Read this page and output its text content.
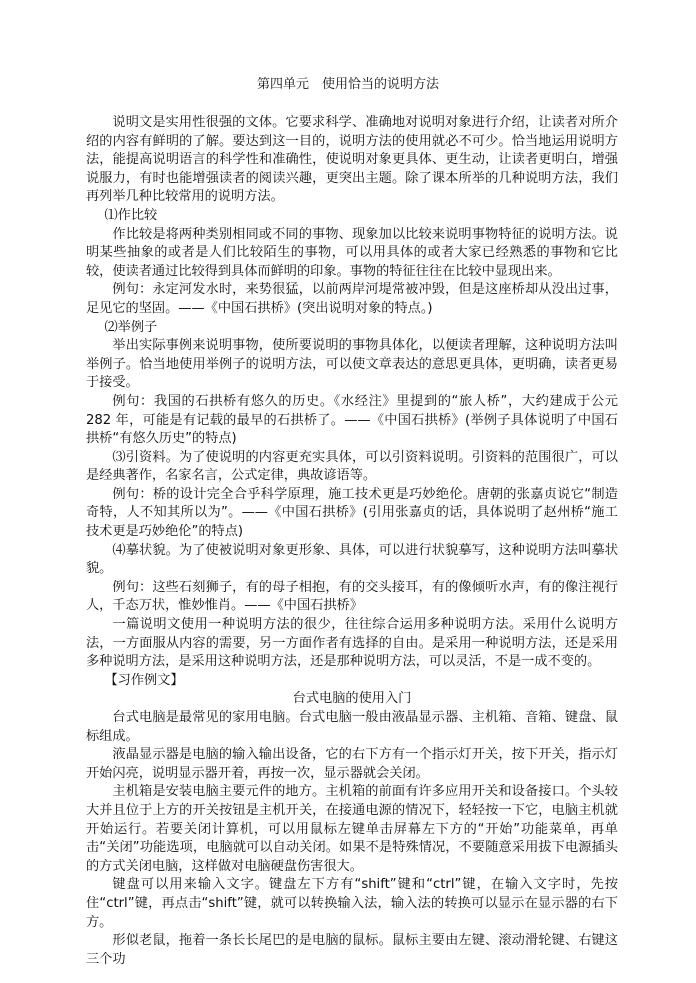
第四单元　使用恰当的说明方法

说明文是实用性很强的文体。它要求科学、准确地对说明对象进行介绍，让读者对所介绍的内容有鲜明的了解。要达到这一目的，说明方法的使用就必不可少。恰当地运用说明方法，能提高说明语言的科学性和准确性，使说明对象更具体、更生动，让读者更明白，增强说服力，有时也能增强读者的阅读兴趣，更突出主题。除了课本所举的几种说明方法，我们再列举几种比较常用的说明方法。

⑴作比较

作比较是将两种类别相同或不同的事物、现象加以比较来说明事物特征的说明方法。说明某些抽象的或者是人们比较陌生的事物，可以用具体的或者大家已经熟悉的事物和它比较，使读者通过比较得到具体而鲜明的印象。事物的特征往往在比较中显现出来。

例句：永定河发水时，来势很猛，以前两岸河堤常被冲毁，但是这座桥却从没出过事，足见它的坚固。——《中国石拱桥》(突出说明对象的特点。)

⑵举例子

举出实际事例来说明事物，使所要说明的事物具体化，以便读者理解，这种说明方法叫举例子。恰当地使用举例子的说明方法，可以使文章表达的意思更具体，更明确，读者更易于接受。

例句：我国的石拱桥有悠久的历史。《水经注》里提到的“旅人桥”，大约建成于公元 282 年，可能是有记载的最早的石拱桥了。——《中国石拱桥》(举例子具体说明了中国石拱桥“有悠久历史”的特点)

⑶引资料。为了使说明的内容更充实具体，可以引资料说明。引资料的范围很广，可以是经典著作，名家名言，公式定律，典故谚语等。

例句：桥的设计完全合乎科学原理，施工技术更是巧妙绝伦。唐朝的张嘉贞说它“制造奇特，人不知其所以为”。——《中国石拱桥》(引用张嘉贞的话，具体说明了赵州桥“施工技术更是巧妙绝伦”的特点)

⑷摹状貌。为了使被说明对象更形象、具体，可以进行状貌摹写，这种说明方法叫摹状貌。

例句：这些石刻狮子，有的母子相抱，有的交头接耳，有的像倾听水声，有的像注视行人，千态万状，惟妙惟肖。——《中国石拱桥》

一篇说明文使用一种说明方法的很少，往往综合运用多种说明方法。采用什么说明方法，一方面服从内容的需要，另一方面作者有选择的自由。是采用一种说明方法，还是采用多种说明方法，是采用这种说明方法，还是那种说明方法，可以灵活，不是一成不变的。

【习作例文】

台式电脑的使用入门

台式电脑是最常见的家用电脑。台式电脑一般由液晶显示器、主机箱、音箱、键盘、鼠标组成。

液晶显示器是电脑的输入输出设备，它的右下方有一个指示灯开关，按下开关，指示灯开始闪亮，说明显示器开着，再按一次，显示器就会关闭。

主机箱是安装电脑主要元件的地方。主机箱的前面有许多应用开关和设备接口。个头较大并且位于上方的开关按钮是主机开关，在接通电源的情况下，轻轻按一下它，电脑主机就开始运行。若要关闭计算机，可以用鼠标左键单击屏幕左下方的“开始”功能菜单，再单击“关闭”功能选项，电脑就可以自动关闭。如果不是特殊情况，不要随意采用拔下电源插头的方式关闭电脑，这样做对电脑硬盘伤害很大。

键盘可以用来输入文字。键盘左下方有“shift”键和“ctrl”键，在输入文字时，先按住“ctrl”键，再点击“shift”键，就可以转换输入法，输入法的转换可以显示在显示器的右下方。

形似老鼠，拖着一条长长尾巴的是电脑的鼠标。鼠标主要由左键、滚动滑轮键、右键这三个功
